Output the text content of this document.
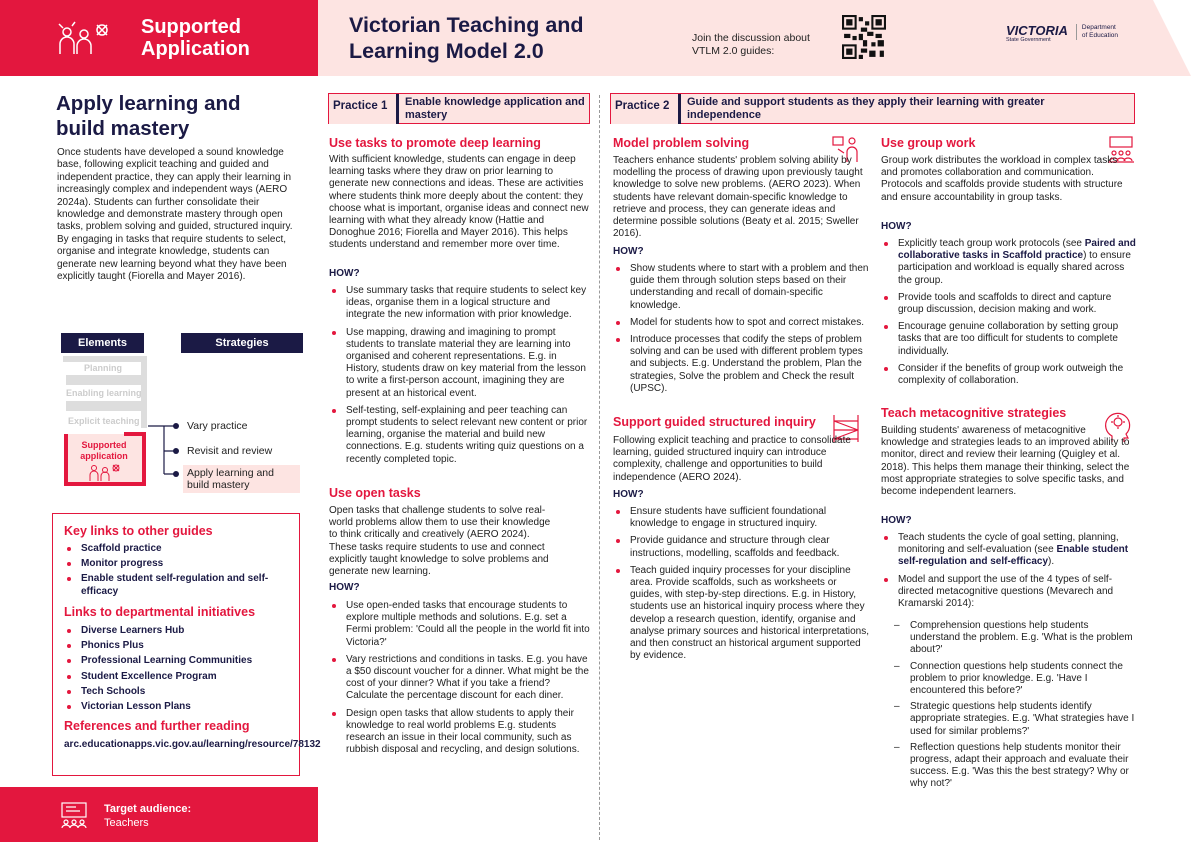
Supported
Application
Victorian Teaching and
Learning Model 2.0
Join the discussion about
VTLM 2.0 guides:
VICTORIA
State Government
Department
of Education
Apply learning and
build mastery

Once students have developed a sound knowledge base, following explicit teaching and guided and independent practice, they can apply their learning in increasingly complex and independent ways (AERO 2024a). Students can further consolidate their knowledge and demonstrate mastery through open tasks, problem solving and guided, structured inquiry. By engaging in tasks that require students to select, organise and integrate knowledge, students can generate new learning beyond what they have been explicitly taught (Fiorella and Mayer 2016).

Elements	Strategies
Planning
Enabling learning
Explicit teaching
Supported application
Vary practice
Revisit and review
Apply learning and build mastery
Key links to other guides
Scaffold practice
Monitor progress
Enable student self-regulation and self-efficacy
Links to departmental initiatives
Diverse Learners Hub
Phonics Plus
Professional Learning Communities
Student Excellence Program
Tech Schools
Victorian Lesson Plans
References and further reading
arc.educationapps.vic.gov.au/learning/resource/78132
Target audience:
Teachers
Practice 1	Enable knowledge application and mastery
Use tasks to promote deep learning

With sufficient knowledge, students can engage in deep learning tasks where they draw on prior learning to generate new connections and ideas. These are activities where students think more deeply about the content: they choose what is important, organise ideas and connect new learning with what they already know (Hattie and Donoghue 2016; Fiorella and Mayer 2016). This helps students understand and remember more over time.

HOW?
Use summary tasks that require students to select key ideas, organise them in a logical structure and integrate the new information with prior knowledge.
Use mapping, drawing and imagining to prompt students to translate material they are learning into organised and coherent representations. E.g. in History, students draw on key material from the lesson to write a first-person account, imagining they are present at an historical event.
Self-testing, self-explaining and peer teaching can prompt students to select relevant new content or prior learning, organise the material and build new connections. E.g. students writing quiz questions on a recently completed topic.
Use open tasks

Open tasks that challenge students to solve real-world problems allow them to use their knowledge to think critically and creatively (AERO 2024). These tasks require students to use and connect explicitly taught knowledge to solve problems and generate new learning.

HOW?
Use open-ended tasks that encourage students to explore multiple methods and solutions. E.g. set a Fermi problem: 'Could all the people in the world fit into Victoria?'
Vary restrictions and conditions in tasks. E.g. you have a $50 discount voucher for a dinner. What might be the cost of your dinner? What if you take a friend? Calculate the percentage discount for each diner.
Design open tasks that allow students to apply their knowledge to real world problems E.g. students research an issue in their local community, such as rubbish disposal and recycling, and design solutions.
Practice 2	Guide and support students as they apply their learning with greater independence
Model problem solving

Teachers enhance students' problem solving ability by modelling the process of drawing upon previously taught knowledge to solve new problems. (AERO 2023). When students have relevant domain-specific knowledge to retrieve and process, they can generate ideas and determine possible solutions (Beaty et al. 2015; Sweller 2016).

HOW?
Show students where to start with a problem and then guide them through solution steps based on their understanding and recall of domain-specific knowledge.
Model for students how to spot and correct mistakes.
Introduce processes that codify the steps of problem solving and can be used with different problem types and subjects. E.g. Understand the problem, Plan the strategies, Solve the problem and Check the result (UPSC).
Support guided structured inquiry

Following explicit teaching and practice to consolidate learning, guided structured inquiry can introduce complexity, challenge and opportunities to build independence (AERO 2024).

HOW?
Ensure students have sufficient foundational knowledge to engage in structured inquiry.
Provide guidance and structure through clear instructions, modelling, scaffolds and feedback.
Teach guided inquiry processes for your discipline area. Provide scaffolds, such as worksheets or guides, with step-by-step directions. E.g. in History, students use an historical inquiry process where they develop a research question, identify, organise and analyse primary sources and historical interpretations, and then construct an historical argument supported by evidence.
Use group work

Group work distributes the workload in complex tasks and promotes collaboration and communication. Protocols and scaffolds provide students with structure and ensure accountability in group tasks.

HOW?
Explicitly teach group work protocols (see Paired and collaborative tasks in Scaffold practice) to ensure participation and workload is equally shared across the group.
Provide tools and scaffolds to direct and capture group discussion, decision making and work.
Encourage genuine collaboration by setting group tasks that are too difficult for students to complete individually.
Consider if the benefits of group work outweigh the complexity of collaboration.
Teach metacognitive strategies

Building students' awareness of metacognitive knowledge and strategies leads to an improved ability to monitor, direct and review their learning (Quigley et al. 2018). This helps them manage their thinking, select the most appropriate strategies to solve specific tasks, and become independent learners.

HOW?
Teach students the cycle of goal setting, planning, monitoring and self-evaluation (see Enable student self-regulation and self-efficacy).
Model and support the use of the 4 types of self-directed metacognitive questions (Mevarech and Kramarski 2014):
– Comprehension questions help students understand the problem. E.g. 'What is the problem about?'
– Connection questions help students connect the problem to prior knowledge. E.g. 'Have I encountered this before?'
– Strategic questions help students identify appropriate strategies. E.g. 'What strategies have I used for similar problems?'
– Reflection questions help students monitor their progress, adapt their approach and evaluate their success. E.g. 'Was this the best strategy? Why or why not?'
